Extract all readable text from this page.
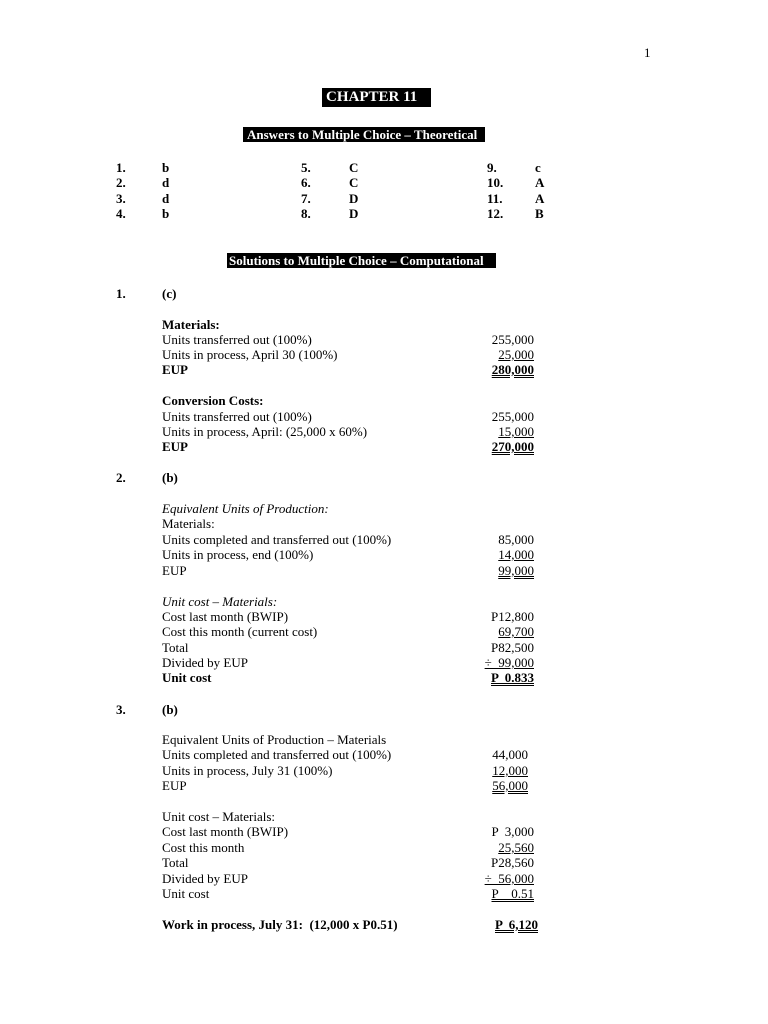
1
CHAPTER 11
Answers to Multiple Choice – Theoretical
1.	b
2.	d
3.	d
4.	b
5.	C
6.	C
7.	D
8.	D
9.	c
10. A
11. A
12. B
Solutions to Multiple Choice – Computational
1.	(c)
Materials:
Units transferred out (100%)	255,000
Units in process, April 30 (100%)	25,000
EUP	280,000
Conversion Costs:
Units transferred out (100%)	255,000
Units in process, April: (25,000 x 60%)	15,000
EUP	270,000
2.	(b)
Equivalent Units of Production:
Materials:
Units completed and transferred out (100%)	85,000
Units in process, end (100%)	14,000
EUP	99,000
Unit cost – Materials:
Cost last month (BWIP)	P12,800
Cost this month (current cost)	69,700
Total	P82,500
Divided by EUP	÷  99,000
Unit cost	P  0.833
3.	(b)
Equivalent Units of Production – Materials
Units completed and transferred out (100%)	44,000
Units in process, July 31 (100%)	12,000
EUP	56,000
Unit cost – Materials:
Cost last month (BWIP)	P  3,000
Cost this month	25,560
Total	P28,560
Divided by EUP	÷  56,000
Unit cost	P    0.51
Work in process, July 31:  (12,000 x P0.51)	P  6,120
